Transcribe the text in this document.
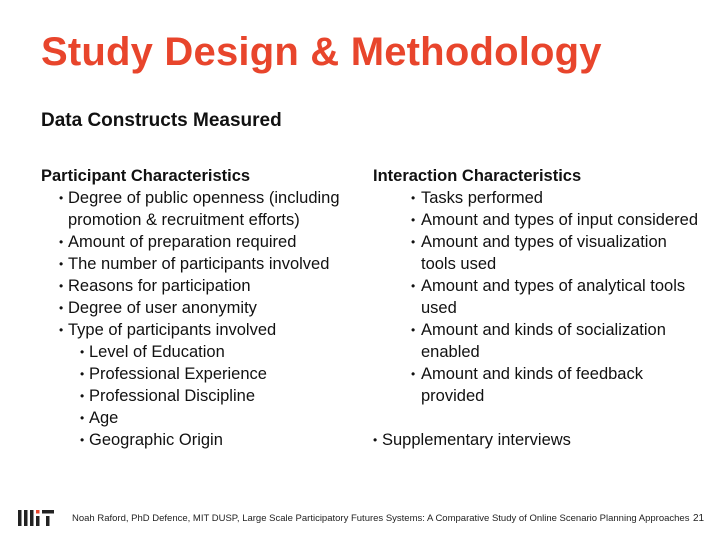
Study Design & Methodology
Data Constructs Measured
Participant Characteristics
• Degree of public openness (including promotion & recruitment efforts)
• Amount of preparation required
• The number of participants involved
• Reasons for participation
• Degree of user anonymity
• Type of participants involved
• Level of Education
• Professional Experience
• Professional Discipline
• Age
• Geographic Origin
Interaction Characteristics
• Tasks performed
• Amount and types of input considered
• Amount and types of visualization tools used
• Amount and types of analytical tools used
• Amount and kinds of socialization enabled
• Amount and kinds of feedback provided
• Supplementary interviews
Noah Raford, PhD Defence, MIT DUSP, Large Scale Participatory Futures Systems: A Comparative Study of Online Scenario Planning Approaches 21
